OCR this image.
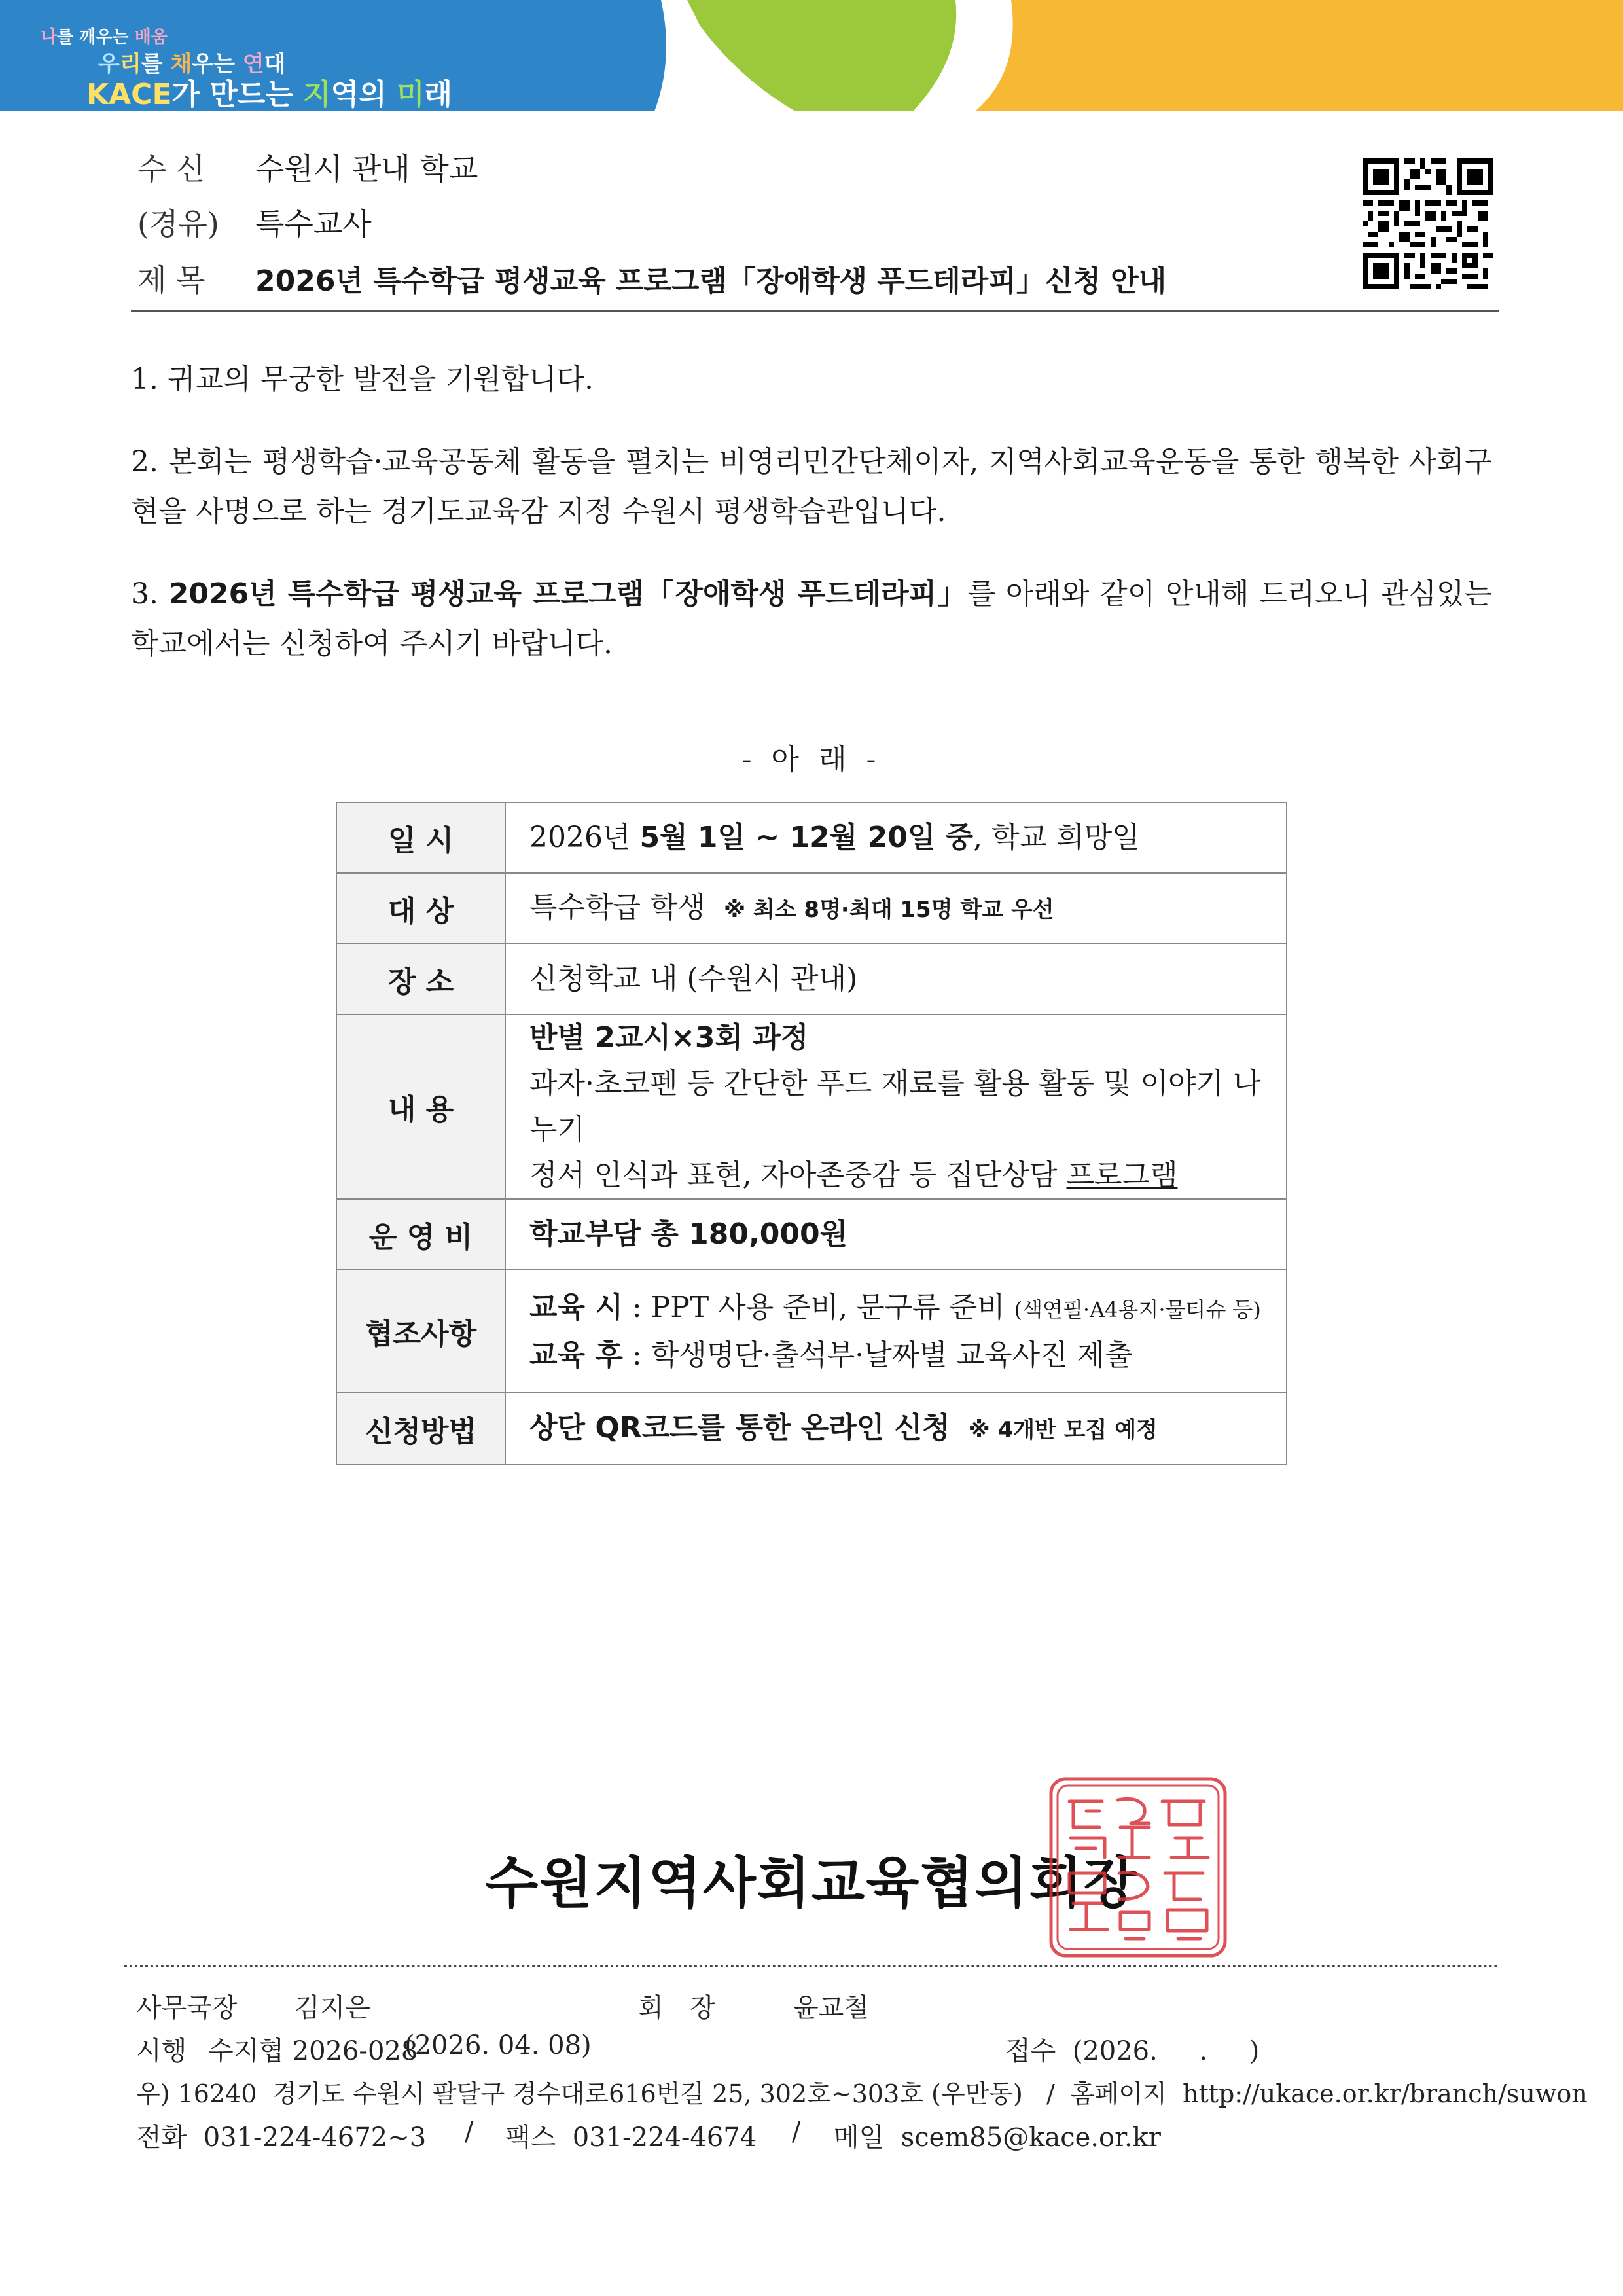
나를 깨우는 배움
우리를 채우는 연대
KACE가 만드는 지역의 미래
수 신 수원시 관내 학교
(경유) 특수교사
제 목 2026년 특수학급 평생교육 프로그램「장애학생 푸드테라피」신청 안내

1. 귀교의 무궁한 발전을 기원합니다.

2. 본회는 평생학습·교육공동체 활동을 펼치는 비영리민간단체이자, 지역사회교육운동을 통한 행복한 사회구현을 사명으로 하는 경기도교육감 지정 수원시 평생학습관입니다.

3. 2026년 특수학급 평생교육 프로그램「장애학생 푸드테라피」를 아래와 같이 안내해 드리오니 관심있는 학교에서는 신청하여 주시기 바랍니다.

- 아 래 -
일 시	2026년 5월 1일 ~ 12월 20일 중, 학교 희망일
대 상	특수학급 학생 ※ 최소 8명·최대 15명 학교 우선
장 소	신청학교 내 (수원시 관내)
내 용	반별 2교시×3회 과정
과자·초코펜 등 간단한 푸드 재료를 활용 활동 및 이야기 나누기
정서 인식과 표현, 자아존중감 등 집단상담 프로그램

운 영 비	학교부담 총 180,000원
협조사항	교육 시 : PPT 사용 준비, 문구류 준비 (색연필·A4용지·물티슈 등)
교육 후 : 학생명단·출석부·날짜별 교육사진 제출

신청방법	상단 QR코드를 통한 온라인 신청 ※ 4개반 모집 예정
수원지역사회교육협의회장
사무국장 김지은	회 장	윤교철
시행 수지협 2026-028
(2026. 04. 08)	접수  (2026.     .     )
우) 16240  경기도 수원시 팔달구 경수대로616번길 25, 302호~303호 (우만동)   /  홈페이지  http://ukace.or.kr/branch/suwon
전화  031-224-4672~3 / 팩스  031-224-4674 / 메일  scem85@kace.or.kr
